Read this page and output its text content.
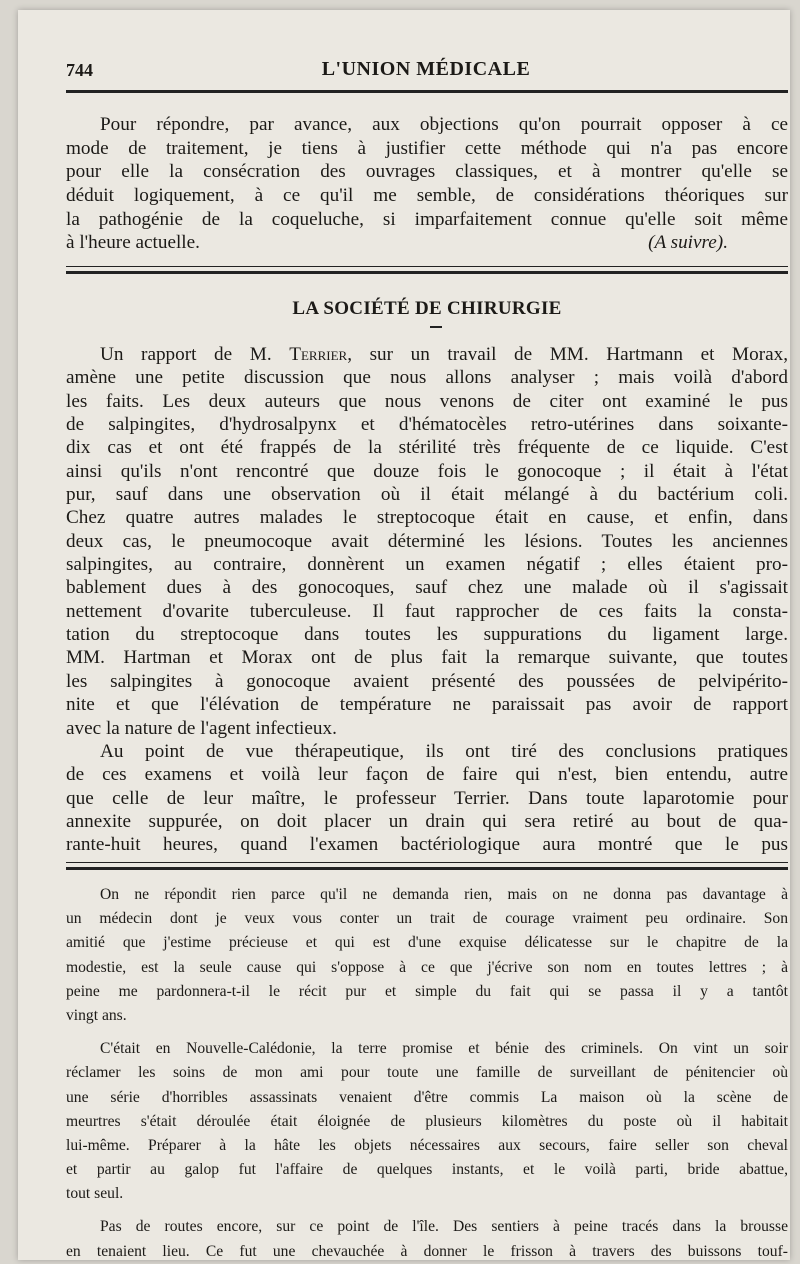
744	L'UNION MÉDICALE
Pour répondre, par avance, aux objections qu'on pourrait opposer à ce
mode de traitement, je tiens à justifier cette méthode qui n'a pas encore
pour elle la consécration des ouvrages classiques, et à montrer qu'elle se
déduit logiquement, à ce qu'il me semble, de considérations théoriques sur
la pathogénie de la coqueluche, si imparfaitement connue qu'elle soit même
à l'heure actuelle.	(A suivre).
LA SOCIÉTÉ DE CHIRURGIE
Un rapport de M. Terrier, sur un travail de MM. Hartmann et Morax,
amène une petite discussion que nous allons analyser ; mais voilà d'abord
les faits. Les deux auteurs que nous venons de citer ont examiné le pus
de salpingites, d'hydrosalpynx et d'hématocèles retro-utérines dans soixante-
dix cas et ont été frappés de la stérilité très fréquente de ce liquide. C'est
ainsi qu'ils n'ont rencontré que douze fois le gonocoque ; il était à l'état
pur, sauf dans une observation où il était mélangé à du bactérium coli.
Chez quatre autres malades le streptocoque était en cause, et enfin, dans
deux cas, le pneumocoque avait déterminé les lésions. Toutes les anciennes
salpingites, au contraire, donnèrent un examen négatif ; elles étaient pro-
bablement dues à des gonocoques, sauf chez une malade où il s'agissait
nettement d'ovarite tuberculeuse. Il faut rapprocher de ces faits la consta-
tation du streptocoque dans toutes les suppurations du ligament large.
MM. Hartman et Morax ont de plus fait la remarque suivante, que toutes
les salpingites à gonocoque avaient présenté des poussées de pelvipérito-
nite et que l'élévation de température ne paraissait pas avoir de rapport
avec la nature de l'agent infectieux.
Au point de vue thérapeutique, ils ont tiré des conclusions pratiques
de ces examens et voilà leur façon de faire qui n'est, bien entendu, autre
que celle de leur maître, le professeur Terrier. Dans toute laparotomie pour
annexite suppurée, on doit placer un drain qui sera retiré au bout de qua-
rante-huit heures, quand l'examen bactériologique aura montré que le pus
On ne répondit rien parce qu'il ne demanda rien, mais on ne donna pas davantage à
un médecin dont je veux vous conter un trait de courage vraiment peu ordinaire. Son
amitié que j'estime précieuse et qui est d'une exquise délicatesse sur le chapitre de la
modestie, est la seule cause qui s'oppose à ce que j'écrive son nom en toutes lettres ; à
peine me pardonnera-t-il le récit pur et simple du fait qui se passa il y a tantôt
vingt ans.
C'était en Nouvelle-Calédonie, la terre promise et bénie des criminels. On vint un soir
réclamer les soins de mon ami pour toute une famille de surveillant de pénitencier où
une série d'horribles assassinats venaient d'être commis La maison où la scène de
meurtres s'était déroulée était éloignée de plusieurs kilomètres du poste où il habitait
lui-même. Préparer à la hâte les objets nécessaires aux secours, faire seller son cheval
et partir au galop fut l'affaire de quelques instants, et le voilà parti, bride abattue,
tout seul.
Pas de routes encore, sur ce point de l'île. Des sentiers à peine tracés dans la brousse
en tenaient lieu. Ce fut une chevauchée à donner le frisson à travers des buissons touf-
